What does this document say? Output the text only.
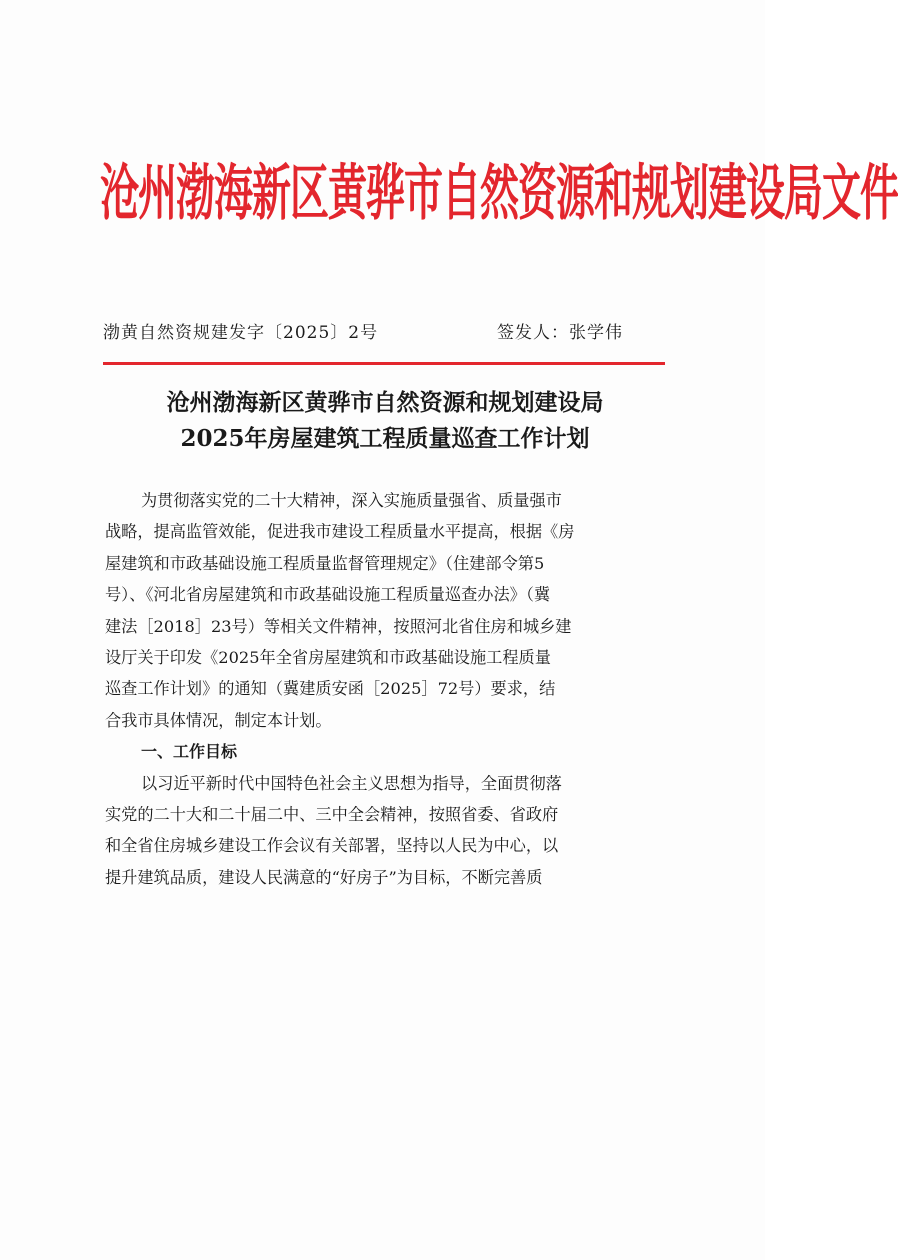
沧州渤海新区黄骅市自然资源和规划建设局文件
渤黄自然资规建发字〔2025〕2号	签发人：张学伟
沧州渤海新区黄骅市自然资源和规划建设局
2025年房屋建筑工程质量巡查工作计划
为贯彻落实党的二十大精神，深入实施质量强省、质量强市
战略，提高监管效能，促进我市建设工程质量水平提高，根据《房
屋建筑和市政基础设施工程质量监督管理规定》（住建部令第5
号）、《河北省房屋建筑和市政基础设施工程质量巡查办法》（冀
建法［2018］23号）等相关文件精神，按照河北省住房和城乡建
设厅关于印发《2025年全省房屋建筑和市政基础设施工程质量
巡查工作计划》的通知（冀建质安函［2025］72号）要求，结
合我市具体情况，制定本计划。
一、工作目标
以习近平新时代中国特色社会主义思想为指导，全面贯彻落
实党的二十大和二十届二中、三中全会精神，按照省委、省政府
和全省住房城乡建设工作会议有关部署，坚持以人民为中心，以
提升建筑品质，建设人民满意的“好房子”为目标，不断完善质
